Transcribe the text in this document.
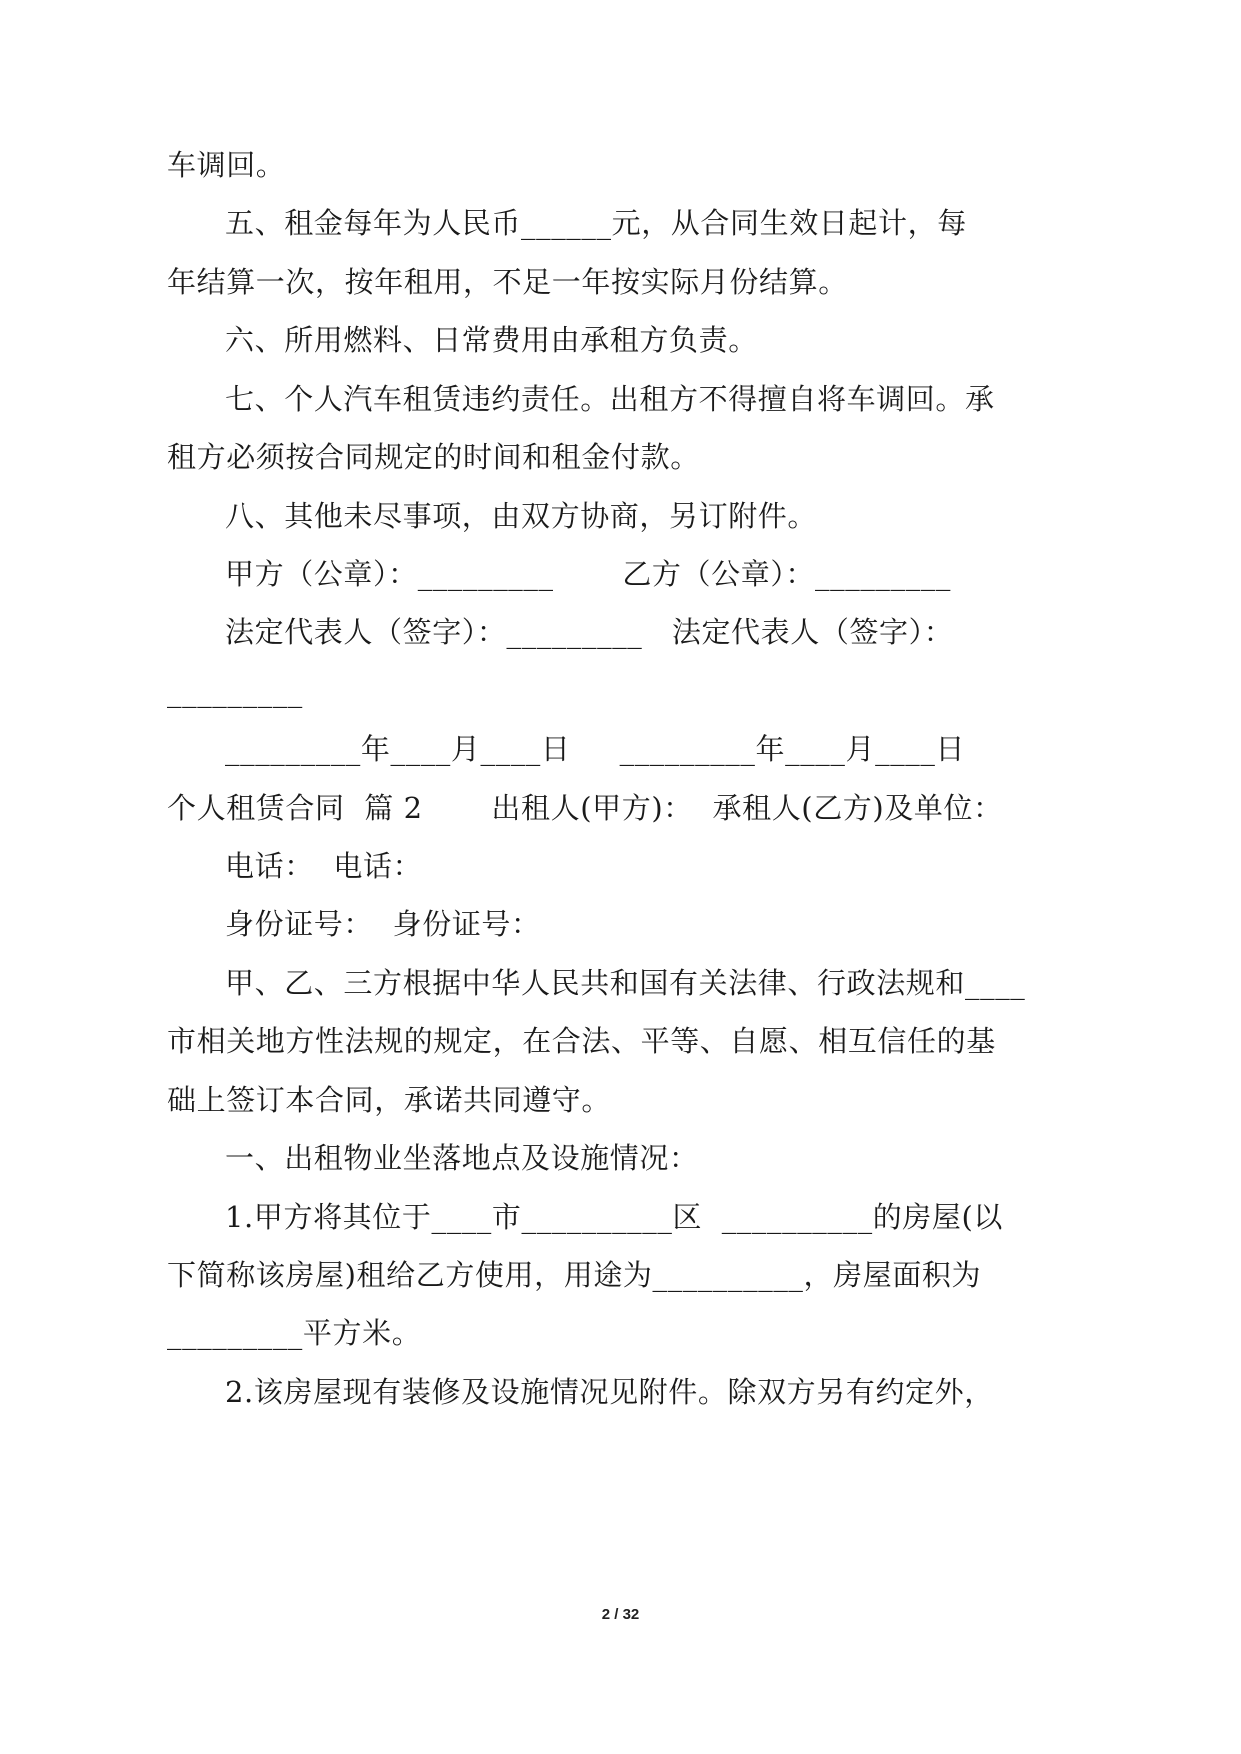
车调回。
五、租金每年为人民币______元，从合同生效日起计，每
年结算一次，按年租用，不足一年按实际月份结算。
六、所用燃料、日常费用由承租方负责。
七、个人汽车租赁违约责任。出租方不得擅自将车调回。承
租方必须按合同规定的时间和租金付款。
八、其他未尽事项，由双方协商，另订附件。
甲方（公章）：_________       乙方（公章）：_________
法定代表人（签字）：_________   法定代表人（签字）：
_________
_________年____月____日     _________年____月____日
个人租赁合同  篇 2       出租人(甲方)：  承租人(乙方)及单位：
电话：  电话：
身份证号：  身份证号：
甲、乙、三方根据中华人民共和国有关法律、行政法规和____
市相关地方性法规的规定，在合法、平等、自愿、相互信任的基
础上签订本合同，承诺共同遵守。
一、出租物业坐落地点及设施情况：
1.甲方将其位于____市__________区  __________的房屋(以
下简称该房屋)租给乙方使用，用途为__________，房屋面积为
_________平方米。
2.该房屋现有装修及设施情况见附件。除双方另有约定外，
2 / 32
